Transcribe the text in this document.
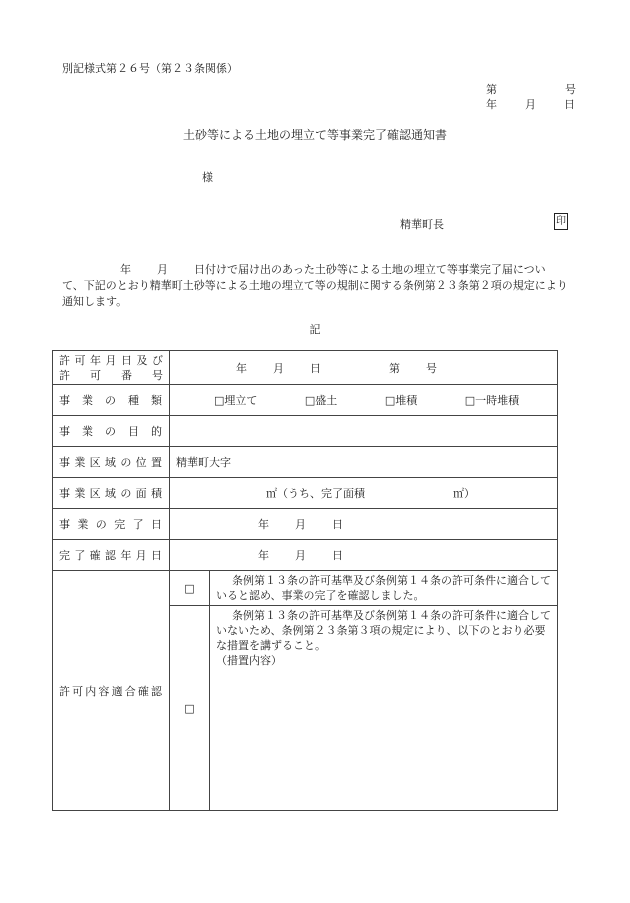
別記様式第２６号（第２３条関係）
第	号
年	月	日
土砂等による土地の埋立て等事業完了確認通知書
様
精華町長	印
年 月 日付けで届け出のあった土砂等による土地の埋立て等事業完了届につい
て、下記のとおり精華町土砂等による土地の埋立て等の規制に関する条例第２３条第２項の規定により通知します。
記
許可年月日及び
許　可　番　号	年 月 日 第 号	
事業の種類	□埋立て □盛土 □堆積 □一時堆積	
事業の目的		
事業区域の位置	精華町大字	
事業区域の面積	㎡（うち、完了面積　　　　　　　　㎡）	
事業の完了日	年 月 日	
完了確認年月日	年 月 日	
許可内容適合確認	□	条例第１３条の許可基準及び条例第１４条の許可条件に適合していると認め、事業の完了を確認しました。

	□	条例第１３条の許可基準及び条例第１４条の許可条件に適合していないため、条例第２３条第３項の規定により、以下のとおり必要な措置を講ずること。
（措置内容）
